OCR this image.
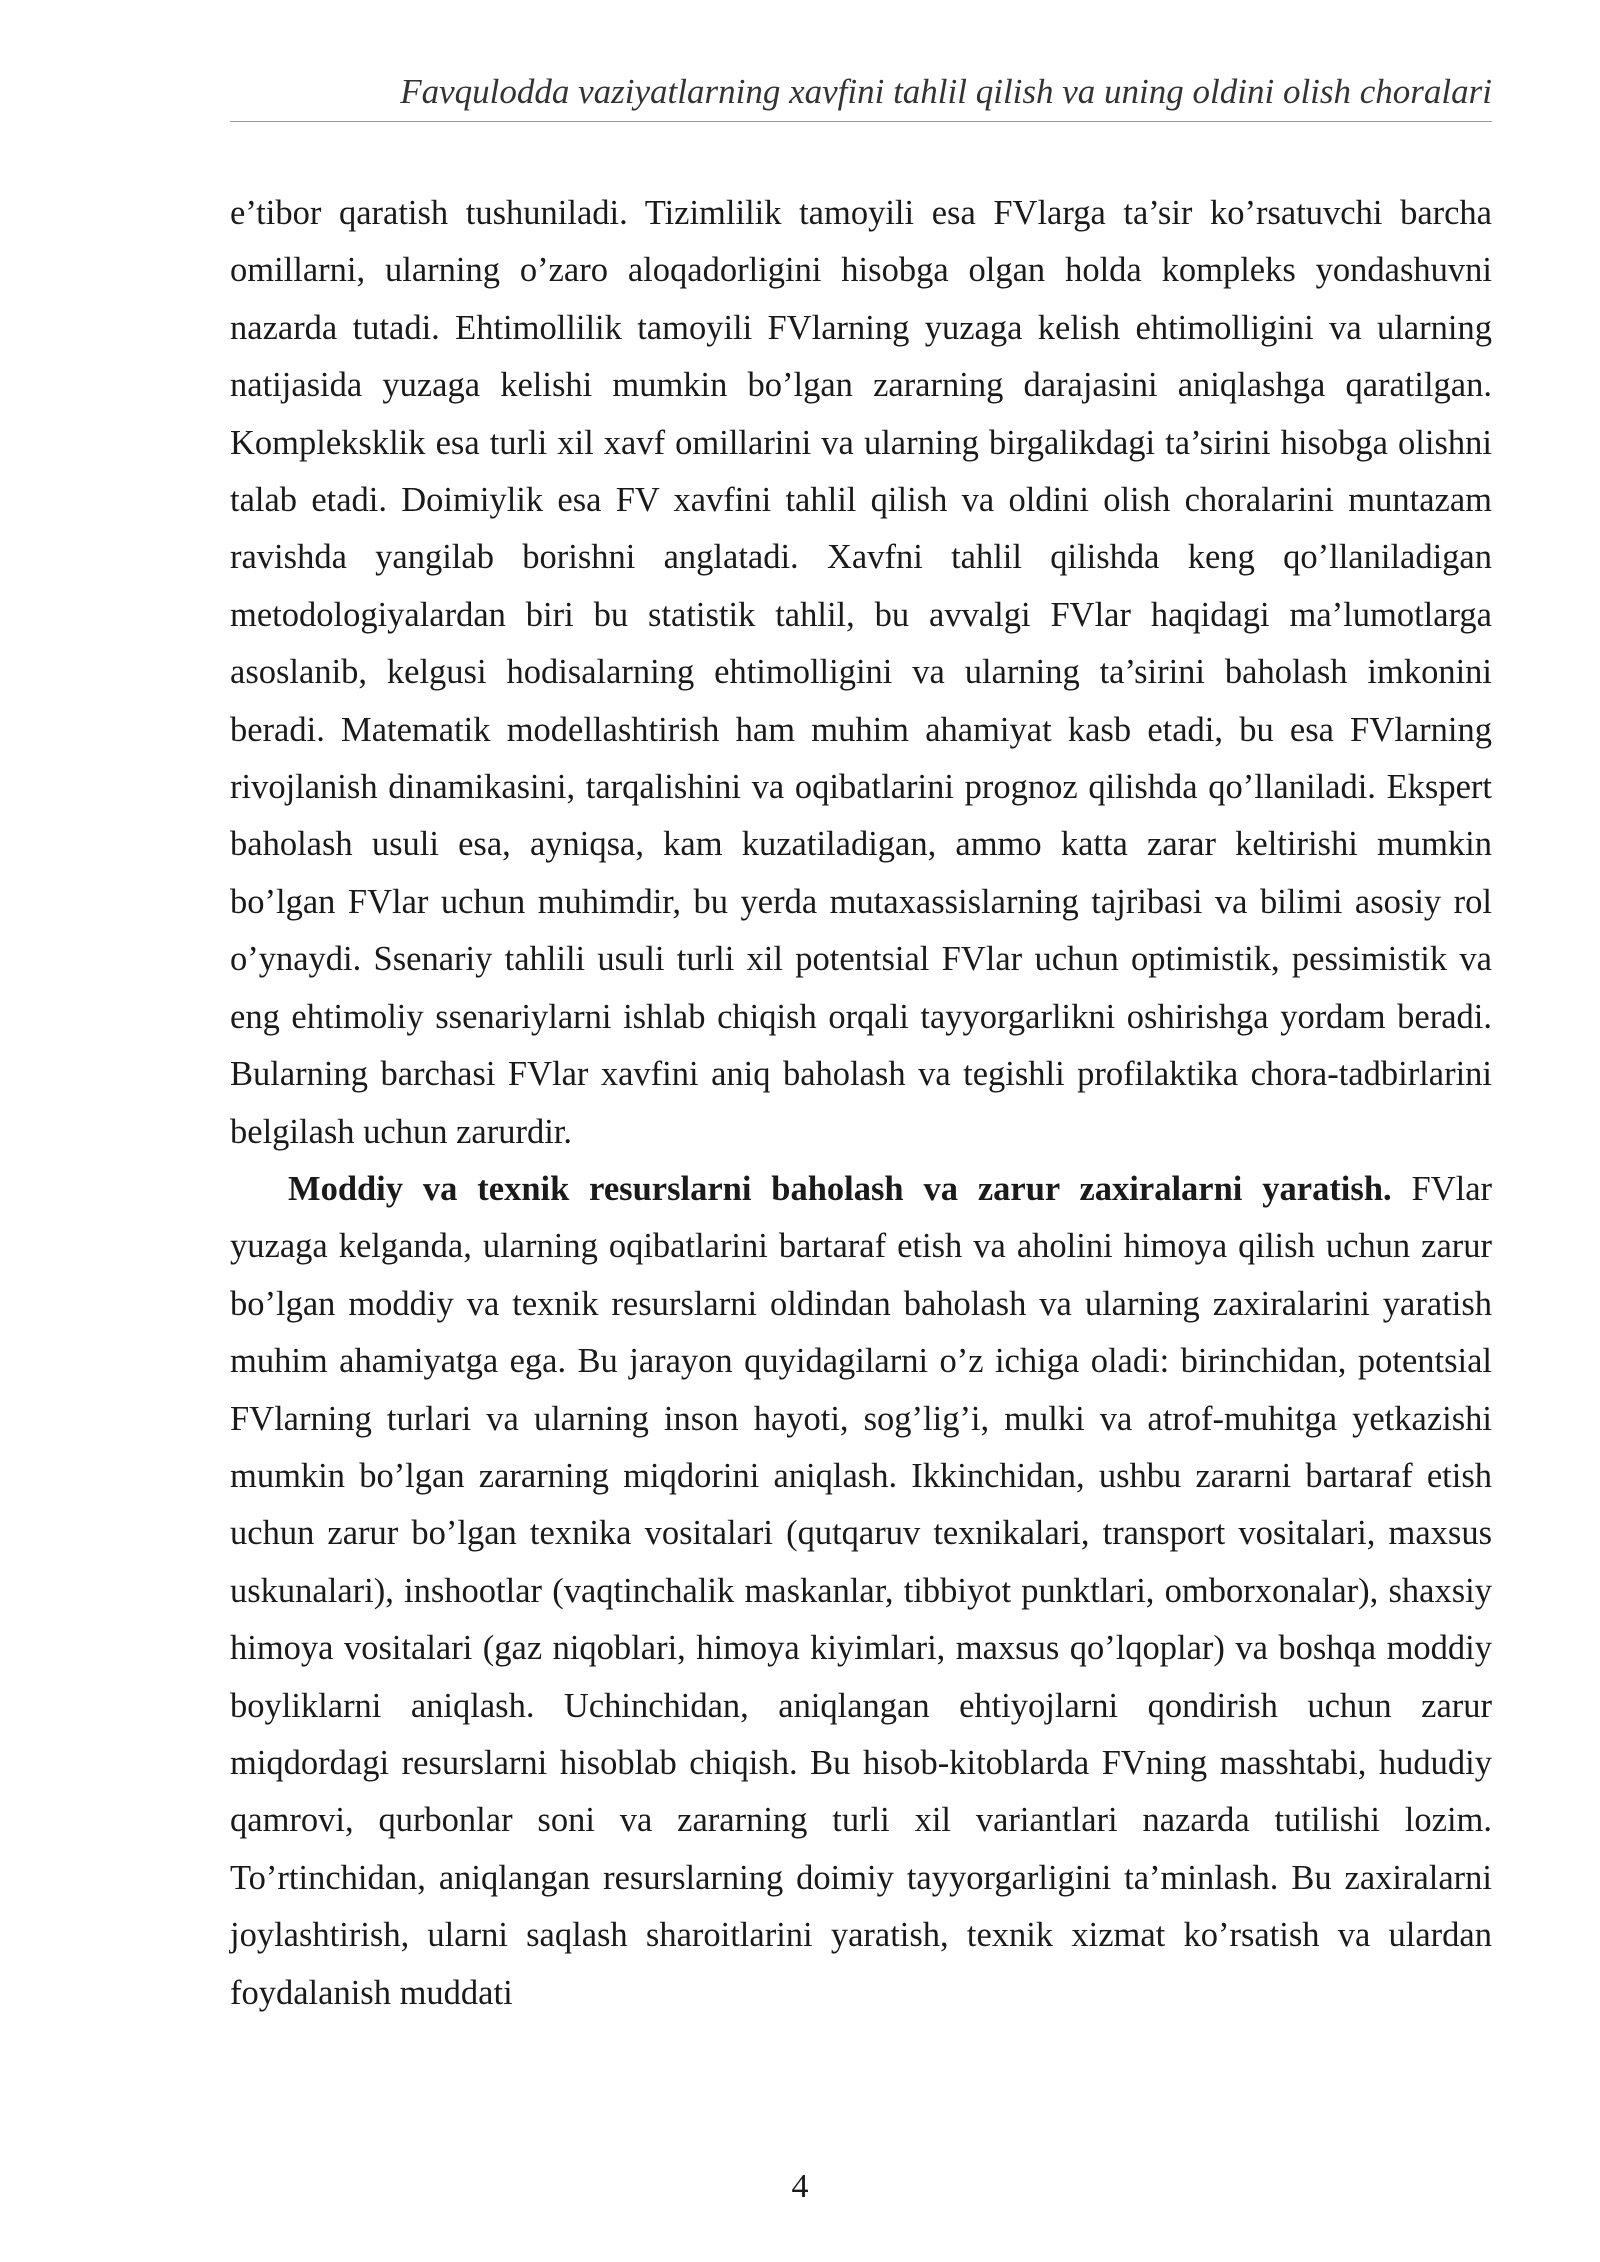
Favqulodda vaziyatlarning xavfini tahlil qilish va uning oldini olish choralari

e’tibor qaratish tushuniladi. Tizimlilik tamoyili esa FVlarga ta’sir ko’rsatuvchi barcha omillarni, ularning o’zaro aloqadorligini hisobga olgan holda kompleks yondashuvni nazarda tutadi. Ehtimollilik tamoyili FVlarning yuzaga kelish ehtimolligini va ularning natijasida yuzaga kelishi mumkin bo’lgan zararning darajasini aniqlashga qaratilgan. Kompleksklik esa turli xil xavf omillarini va ularning birgalikdagi ta’sirini hisobga olishni talab etadi. Doimiylik esa FV xavfini tahlil qilish va oldini olish choralarini muntazam ravishda yangilab borishni anglatadi. Xavfni tahlil qilishda keng qo’llaniladigan metodologiyalardan biri bu statistik tahlil, bu avvalgi FVlar haqidagi ma’lumotlarga asoslanib, kelgusi hodisalarning ehtimolligini va ularning ta’sirini baholash imkonini beradi. Matematik modellashtirish ham muhim ahamiyat kasb etadi, bu esa FVlarning rivojlanish dinamikasini, tarqalishini va oqibatlarini prognoz qilishda qo’llaniladi. Ekspert baholash usuli esa, ayniqsa, kam kuzatiladigan, ammo katta zarar keltirishi mumkin bo’lgan FVlar uchun muhimdir, bu yerda mutaxassislarning tajribasi va bilimi asosiy rol o’ynaydi. Ssenariy tahlili usuli turli xil potentsial FVlar uchun optimistik, pessimistik va eng ehtimoliy ssenariylarni ishlab chiqish orqali tayyorgarlikni oshirishga yordam beradi. Bularning barchasi FVlar xavfini aniq baholash va tegishli profilaktika chora-tadbirlarini belgilash uchun zarurdir.

Moddiy va texnik resurslarni baholash va zarur zaxiralarni yaratish. FVlar yuzaga kelganda, ularning oqibatlarini bartaraf etish va aholini himoya qilish uchun zarur bo’lgan moddiy va texnik resurslarni oldindan baholash va ularning zaxiralarini yaratish muhim ahamiyatga ega. Bu jarayon quyidagilarni o’z ichiga oladi: birinchidan, potentsial FVlarning turlari va ularning inson hayoti, sog’lig’i, mulki va atrof-muhitga yetkazishi mumkin bo’lgan zararning miqdorini aniqlash. Ikkinchidan, ushbu zararni bartaraf etish uchun zarur bo’lgan texnika vositalari (qutqaruv texnikalari, transport vositalari, maxsus uskunalari), inshootlar (vaqtinchalik maskanlar, tibbiyot punktlari, omborxonalar), shaxsiy himoya vositalari (gaz niqoblari, himoya kiyimlari, maxsus qo’lqoplar) va boshqa moddiy boyliklarni aniqlash. Uchinchidan, aniqlangan ehtiyojlarni qondirish uchun zarur miqdordagi resurslarni hisoblab chiqish. Bu hisob-kitoblarda FVning masshtabi, hududiy qamrovi, qurbonlar soni va zararning turli xil variantlari nazarda tutilishi lozim. To’rtinchidan, aniqlangan resurslarning doimiy tayyorgarligini ta’minlash. Bu zaxiralarni joylashtirish, ularni saqlash sharoitlarini yaratish, texnik xizmat ko’rsatish va ulardan foydalanish muddati

4
